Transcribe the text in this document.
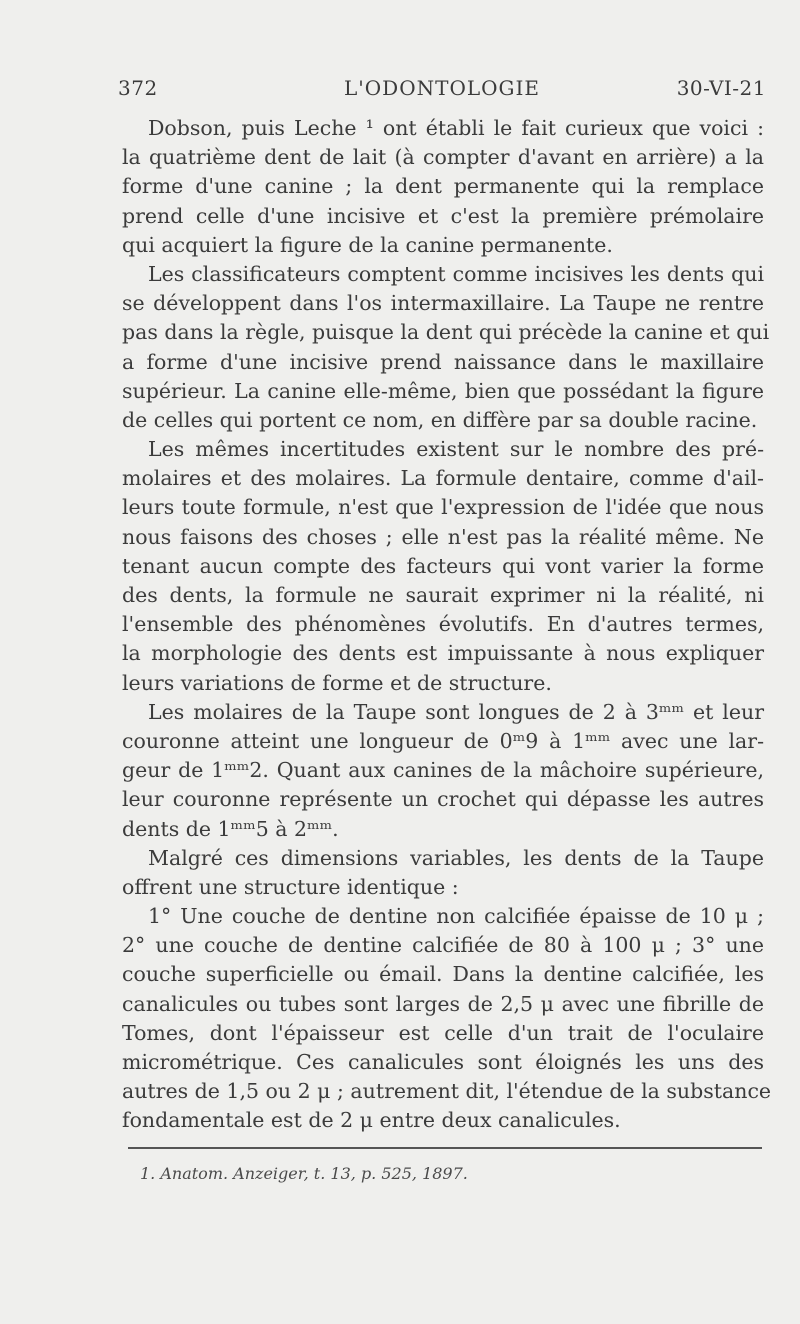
372	L'ODONTOLOGIE	30-VI-21
Dobson, puis Leche ¹ ont établi le fait curieux que voici :
la quatrième dent de lait (à compter d'avant en arrière) a la
forme d'une canine ; la dent permanente qui la remplace
prend celle d'une incisive et c'est la première prémolaire
qui acquiert la figure de la canine permanente.
Les classificateurs comptent comme incisives les dents qui
se développent dans l'os intermaxillaire. La Taupe ne rentre
pas dans la règle, puisque la dent qui précède la canine et qui
a forme d'une incisive prend naissance dans le maxillaire
supérieur. La canine elle-même, bien que possédant la figure
de celles qui portent ce nom, en diffère par sa double racine.
Les mêmes incertitudes existent sur le nombre des pré-
molaires et des molaires. La formule dentaire, comme d'ail-
leurs toute formule, n'est que l'expression de l'idée que nous
nous faisons des choses ; elle n'est pas la réalité même. Ne
tenant aucun compte des facteurs qui vont varier la forme
des dents, la formule ne saurait exprimer ni la réalité, ni
l'ensemble des phénomènes évolutifs. En d'autres termes,
la morphologie des dents est impuissante à nous expliquer
leurs variations de forme et de structure.
Les molaires de la Taupe sont longues de 2 à 3ᵐᵐ et leur
couronne atteint une longueur de 0ᵐ9 à 1ᵐᵐ avec une lar-
geur de 1ᵐᵐ2. Quant aux canines de la mâchoire supérieure,
leur couronne représente un crochet qui dépasse les autres
dents de 1ᵐᵐ5 à 2ᵐᵐ.
Malgré ces dimensions variables, les dents de la Taupe
offrent une structure identique :
1° Une couche de dentine non calcifiée épaisse de 10 μ ;
2° une couche de dentine calcifiée de 80 à 100 μ ; 3° une
couche superficielle ou émail. Dans la dentine calcifiée, les
canalicules ou tubes sont larges de 2,5 μ avec une fibrille de
Tomes, dont l'épaisseur est celle d'un trait de l'oculaire
micrométrique. Ces canalicules sont éloignés les uns des
autres de 1,5 ou 2 μ ; autrement dit, l'étendue de la substance
fondamentale est de 2 μ entre deux canalicules.
1. Anatom. Anzeiger, t. 13, p. 525, 1897.
